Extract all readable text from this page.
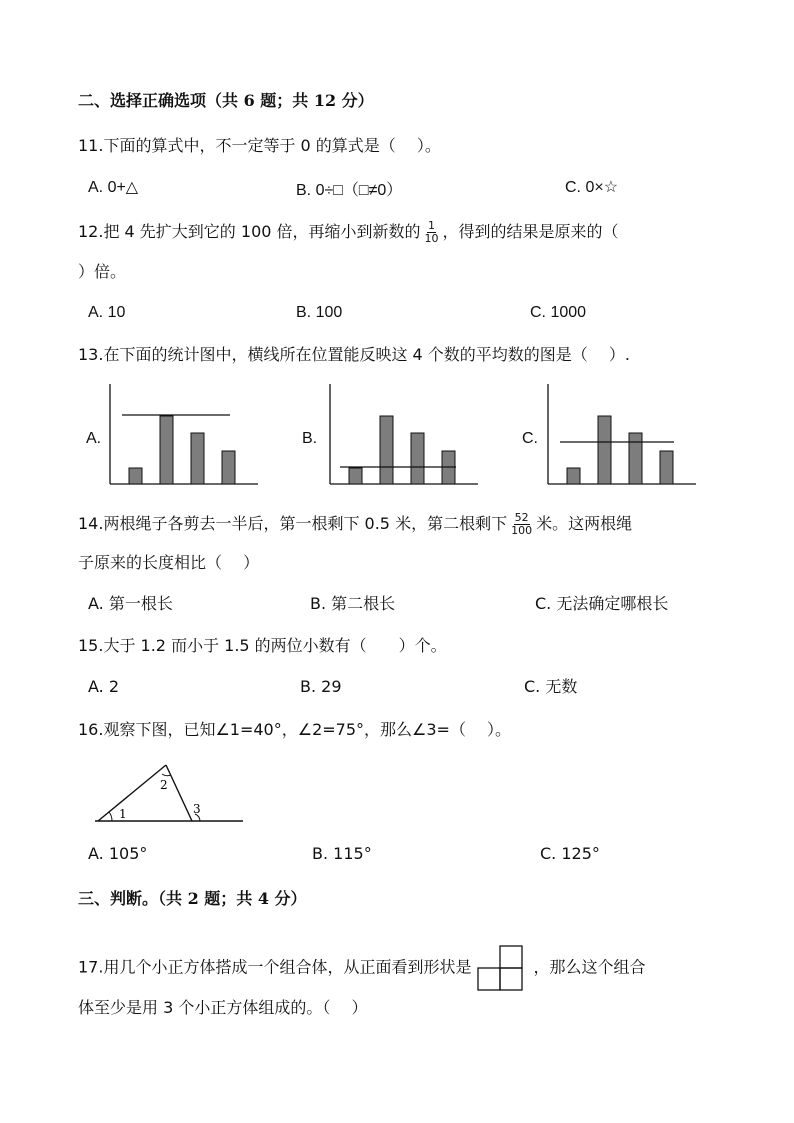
二、选择正确选项（共 6 题；共 12 分）
11.下面的算式中，不一定等于 0 的算式是（　 ）。
A. 0+△	B. 0÷□（□≠0）	C. 0×☆
12.把 4 先扩大到它的 100 倍，再缩小到新数的 $\frac{1}{10}$ ，得到的结果是原来的（
）倍。
A. 10	B. 100	C. 1000
13.在下面的统计图中，横线所在位置能反映这 4 个数的平均数的图是（　 ）.
A.	B.	C.
14.两根绳子各剪去一半后，第一根剩下 0.5 米，第二根剩下 $\frac{52}{100}$ 米。这两根绳
子原来的长度相比（　 ）
A. 第一根长	B. 第二根长	C. 无法确定哪根长
15.大于 1.2 而小于 1.5 的两位小数有（　　）个。
A. 2	B. 29	C. 无数
16.观察下图，已知∠1=40°，∠2=75°，那么∠3=（　 ）。
1
2
3
A. 105°	B. 115°	C. 125°
三、判断。（共 2 题；共 4 分）
17.用几个小正方体搭成一个组合体，从正面看到形状是	，那么这个组合
体至少是用 3 个小正方体组成的。（　 ）
